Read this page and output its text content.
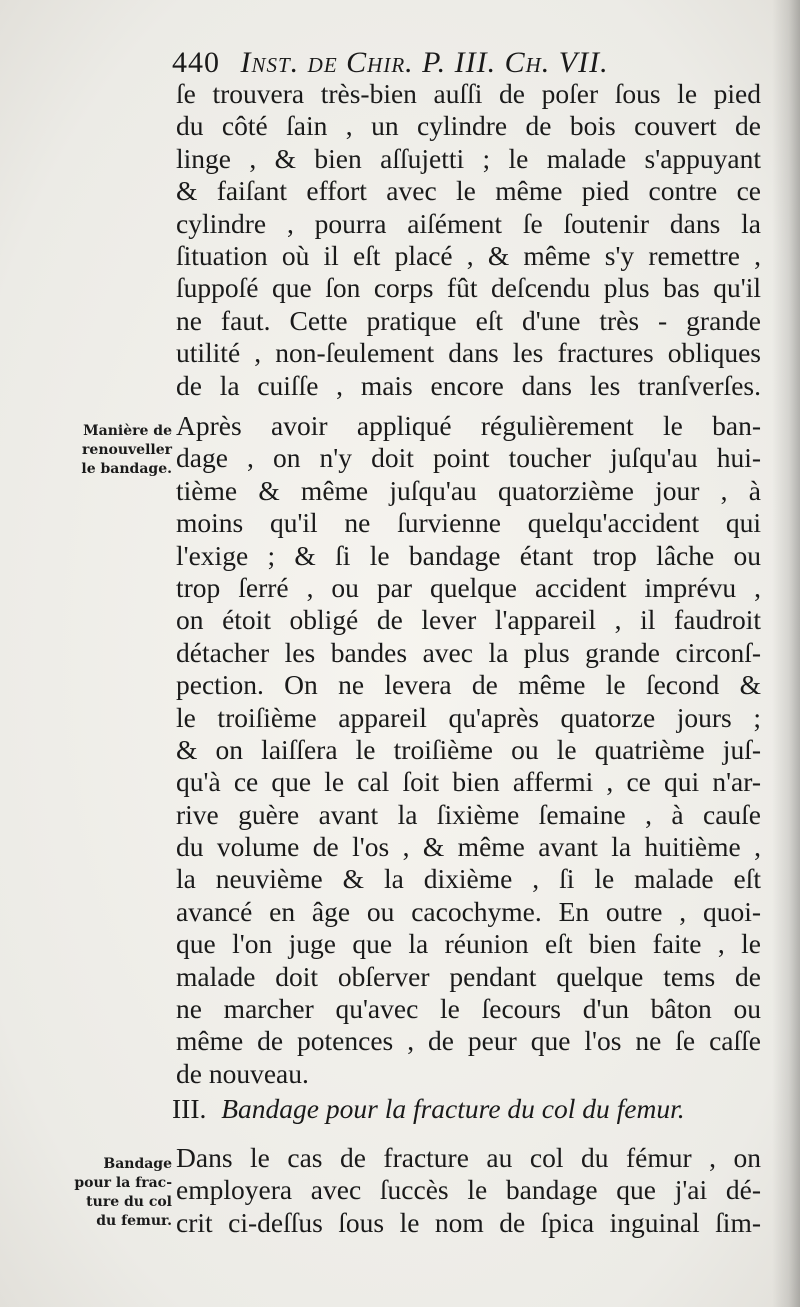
440 Inst. de Chir. P. III. Ch. VII.
ſe trouvera très-bien auſſi de poſer ſous le pied
du côté ſain , un cylindre de bois couvert de
linge , & bien aſſujetti ; le malade s'appuyant
& faiſant effort avec le même pied contre ce
cylindre , pourra aiſément ſe ſoutenir dans la
ſituation où il eſt placé , & même s'y remettre ,
ſuppoſé que ſon corps fût deſcendu plus bas qu'il
ne faut. Cette pratique eſt d'une très - grande
utilité , non-ſeulement dans les fractures obliques
de la cuiſſe , mais encore dans les tranſverſes.
Manière de
renouveller
le bandage.
Après avoir appliqué régulièrement le ban-
dage , on n'y doit point toucher juſqu'au hui-
tième & même juſqu'au quatorzième jour , à
moins qu'il ne ſurvienne quelqu'accident qui
l'exige ; & ſi le bandage étant trop lâche ou
trop ſerré , ou par quelque accident imprévu ,
on étoit obligé de lever l'appareil , il faudroit
détacher les bandes avec la plus grande circonſ-
pection. On ne levera de même le ſecond &
le troiſième appareil qu'après quatorze jours ;
& on laiſſera le troiſième ou le quatrième juſ-
qu'à ce que le cal ſoit bien affermi , ce qui n'ar-
rive guère avant la ſixième ſemaine , à cauſe
du volume de l'os , & même avant la huitième ,
la neuvième & la dixième , ſi le malade eſt
avancé en âge ou cacochyme. En outre , quoi-
que l'on juge que la réunion eſt bien faite , le
malade doit obſerver pendant quelque tems de
ne marcher qu'avec le ſecours d'un bâton ou
même de potences , de peur que l'os ne ſe caſſe
de nouveau.
III. Bandage pour la fracture du col du femur.
Bandage
pour la frac-
ture du col
du femur.
Dans le cas de fracture au col du fémur , on
employera avec ſuccès le bandage que j'ai dé-
crit ci-deſſus ſous le nom de ſpica inguinal ſim-
